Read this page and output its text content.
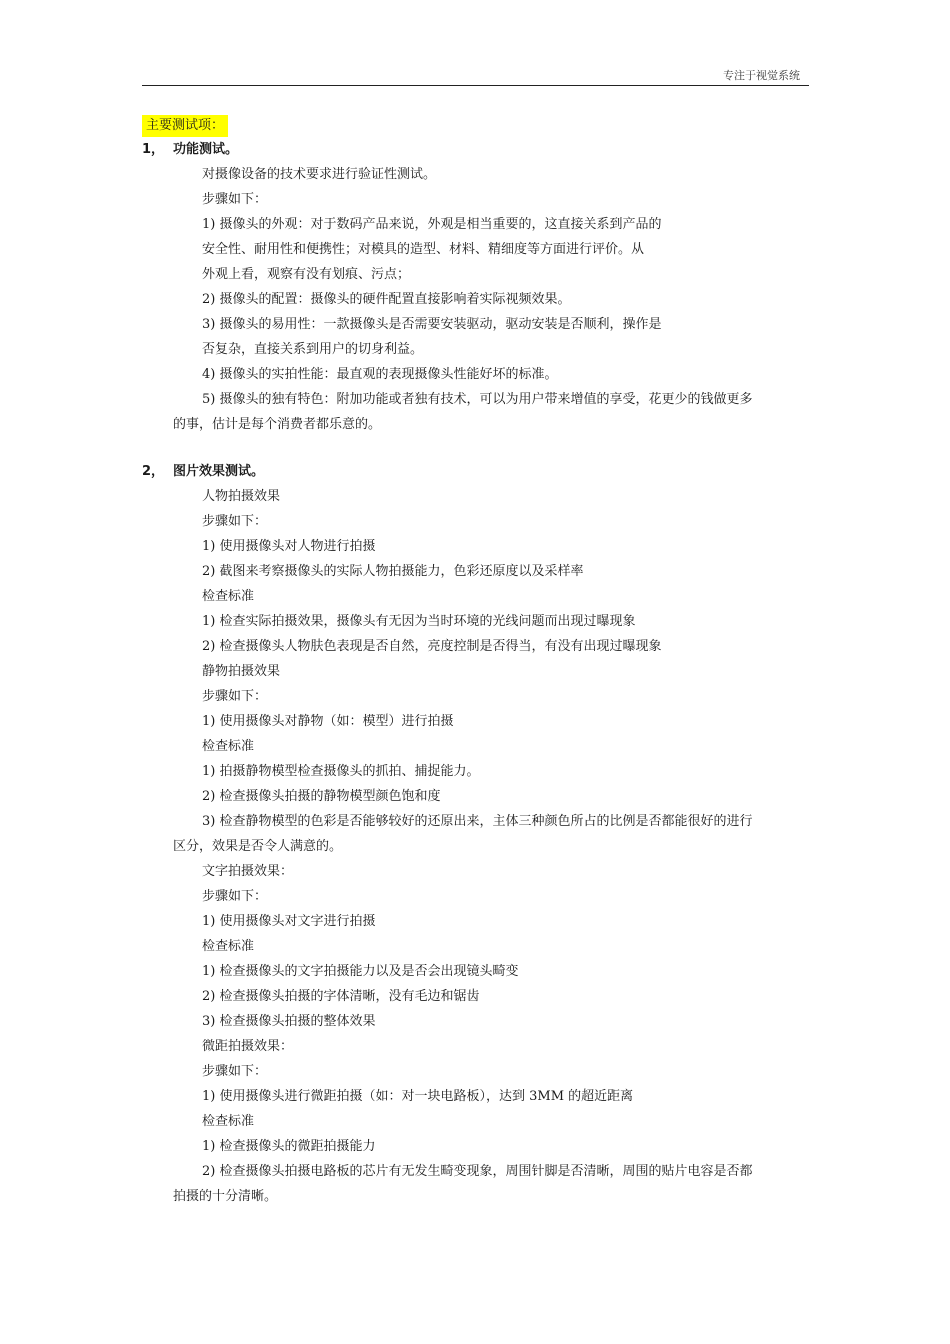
专注于视觉系统
主要测试项：
1， 功能测试。
对摄像设备的技术要求进行验证性测试。
步骤如下：
1) 摄像头的外观：对于数码产品来说，外观是相当重要的，这直接关系到产品的
安全性、耐用性和便携性；对模具的造型、材料、精细度等方面进行评价。从
外观上看，观察有没有划痕、污点；
2) 摄像头的配置：摄像头的硬件配置直接影响着实际视频效果。
3) 摄像头的易用性：一款摄像头是否需要安装驱动，驱动安装是否顺利，操作是
否复杂，直接关系到用户的切身利益。
4) 摄像头的实拍性能：最直观的表现摄像头性能好坏的标准。
5) 摄像头的独有特色：附加功能或者独有技术，可以为用户带来增值的享受，花更少的钱做更多
的事，估计是每个消费者都乐意的。
2， 图片效果测试。
人物拍摄效果
步骤如下：
1) 使用摄像头对人物进行拍摄
2) 截图来考察摄像头的实际人物拍摄能力，色彩还原度以及采样率
检查标准
1) 检查实际拍摄效果，摄像头有无因为当时环境的光线问题而出现过曝现象
2) 检查摄像头人物肤色表现是否自然，亮度控制是否得当，有没有出现过曝现象
静物拍摄效果
步骤如下：
1) 使用摄像头对静物（如：模型）进行拍摄
检查标准
1) 拍摄静物模型检查摄像头的抓拍、捕捉能力。
2) 检查摄像头拍摄的静物模型颜色饱和度
3) 检查静物模型的色彩是否能够较好的还原出来，主体三种颜色所占的比例是否都能很好的进行
区分，效果是否令人满意的。
文字拍摄效果：
步骤如下：
1) 使用摄像头对文字进行拍摄
检查标准
1) 检查摄像头的文字拍摄能力以及是否会出现镜头畸变
2) 检查摄像头拍摄的字体清晰，没有毛边和锯齿
3) 检查摄像头拍摄的整体效果
微距拍摄效果：
步骤如下：
1) 使用摄像头进行微距拍摄（如：对一块电路板），达到 3MM 的超近距离
检查标准
1) 检查摄像头的微距拍摄能力
2) 检查摄像头拍摄电路板的芯片有无发生畸变现象，周围针脚是否清晰，周围的贴片电容是否都
拍摄的十分清晰。
